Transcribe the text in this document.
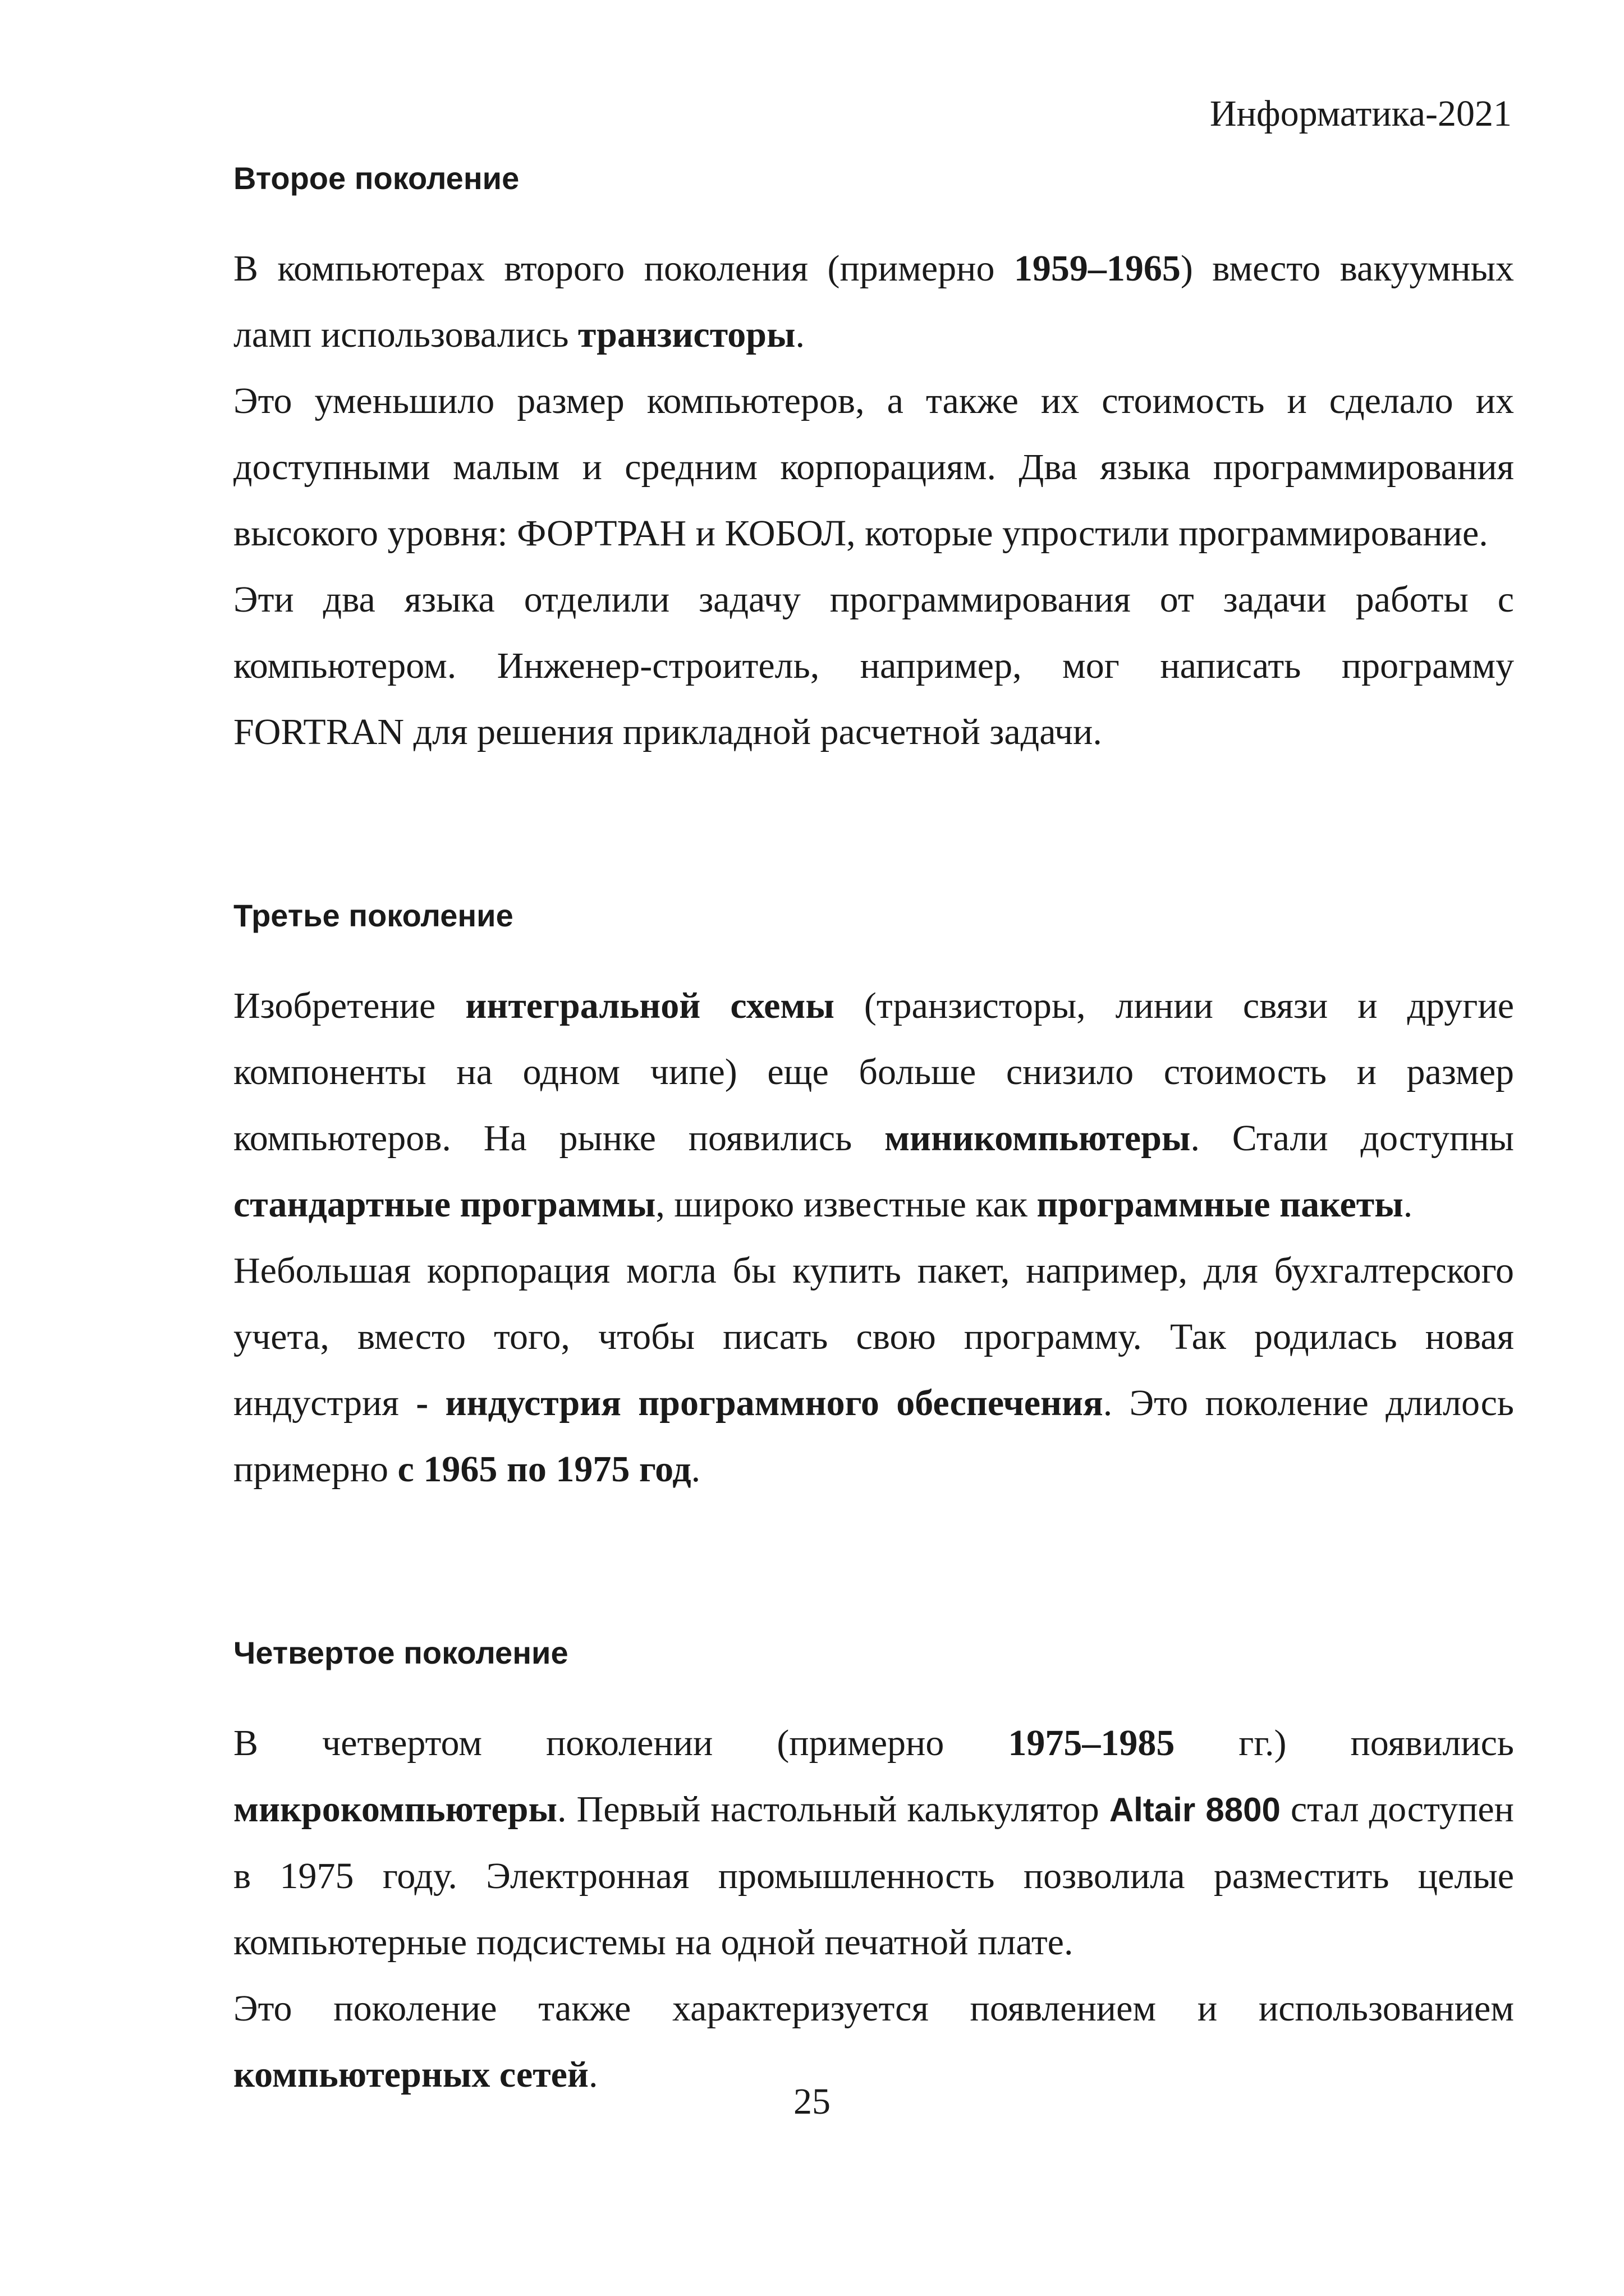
Информатика-2021
Второе поколение

В компьютерах второго поколения (примерно 1959–1965) вместо вакуумных ламп использовались транзисторы.

Это уменьшило размер компьютеров, а также их стоимость и сделало их доступными малым и средним корпорациям. Два языка программирования высокого уровня: ФОРТРАН и КОБОЛ, которые упростили программирование.

Эти два языка отделили задачу программирования от задачи работы с компьютером. Инженер-строитель, например, мог написать программу FORTRAN для решения прикладной расчетной задачи.

Третье поколение

Изобретение интегральной схемы (транзисторы, линии связи и другие компоненты на одном чипе) еще больше снизило стоимость и размер компьютеров. На рынке появились миникомпьютеры. Стали доступны стандартные программы, широко известные как программные пакеты.

Небольшая корпорация могла бы купить пакет, например, для бухгалтерского учета, вместо того, чтобы писать свою программу. Так родилась новая индустрия - индустрия программного обеспечения. Это поколение длилось примерно с 1965 по 1975 год.

Четвертое поколение

В четвертом поколении (примерно 1975–1985 гг.) появились микрокомпьютеры. Первый настольный калькулятор Altair 8800 стал доступен в 1975 году. Электронная промышленность позволила разместить целые компьютерные подсистемы на одной печатной плате.

Это поколение также характеризуется появлением и использованием компьютерных сетей.

25
